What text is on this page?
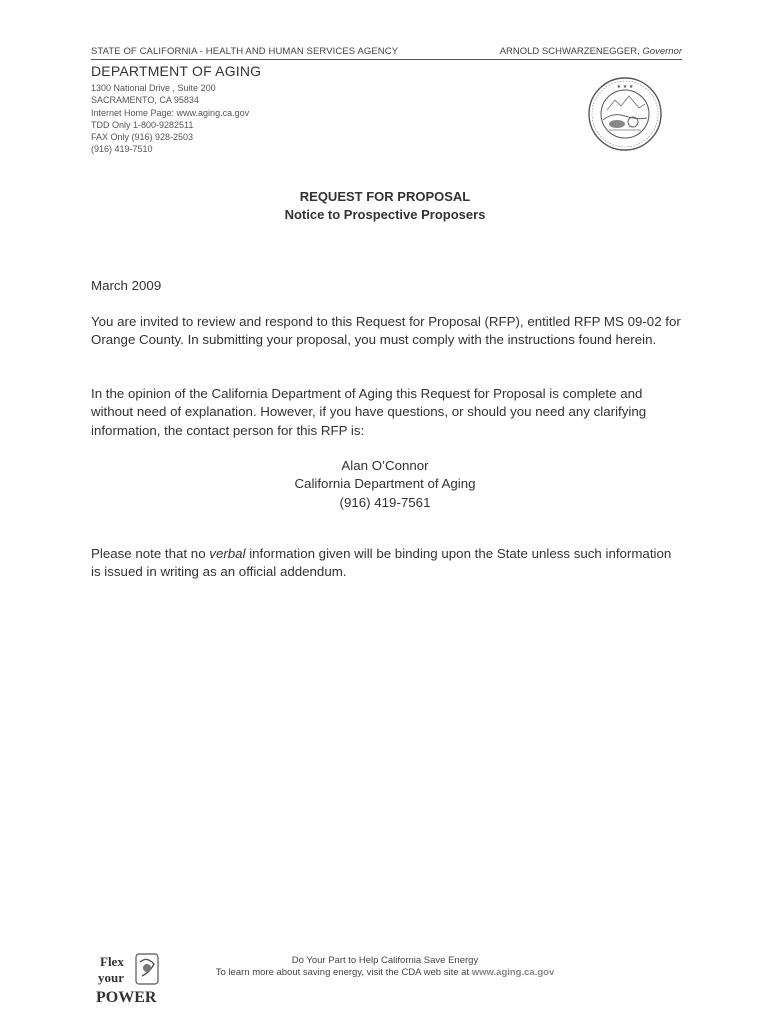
STATE OF CALIFORNIA - HEALTH AND HUMAN SERVICES AGENCY	ARNOLD SCHWARZENEGGER, Governor
DEPARTMENT OF AGING
1300 National Drive , Suite 200
SACRAMENTO, CA 95834
Internet Home Page: www.aging.ca.gov
TDD Only 1-800-9282511
FAX Only (916) 928-2503
(916) 419-7510
★ ★ ★
REQUEST FOR PROPOSAL
Notice to Prospective Proposers
March 2009
You are invited to review and respond to this Request for Proposal (RFP), entitled RFP MS 09-02 for Orange County. In submitting your proposal, you must comply with the instructions found herein.
In the opinion of the California Department of Aging this Request for Proposal is complete and without need of explanation. However, if you have questions, or should you need any clarifying information, the contact person for this RFP is:
Alan O’Connor
California Department of Aging
(916) 419-7561
Please note that no verbal information given will be binding upon the State unless such information is issued in writing as an official addendum.
Flex
your
POWER
Do Your Part to Help California Save Energy
To learn more about saving energy, visit the CDA web site at www.aging.ca.gov
